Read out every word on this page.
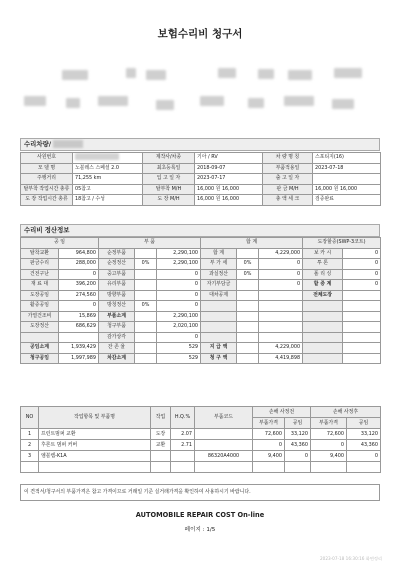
보험수리비 청구서
수리차량/
사원번호		제작사/차종	기아 / RV	차 량 명 칭	스포티지(16)
모 델 명	노블레스 스페셜 2.0	최초등록일	2018-09-07	부품적용일	2023-07-18
주행거리	71,255 km	입 고 일 자	2023-07-17	출 고 일 자	
탈부착 작업시간 총류	05참고	탈부착 M/H	16,000 원 16,000	판 금 M/H	16,000 원 16,000
도 장 작업시간 총류	18참고 / 수성	도 장 M/H	16,000 원 16,000	총 액 세 크	검증완료
수리비 정산정보
공 임		부 품			합 계			도장할증(SWP-3코트)	
탈착교환	964,800	순정부품		2,290,100	합 계		4,229,000	보 카 시	0
판금수리	288,000	순정정산	0%	2,290,100	부 가 세	0%	0	투 톤	0
건전구난	0	중고부품		0	과실정산	0%	0	폴 리 싱	0
재 료 대	396,200	유리부품		0	자기부담금		0	할 증 계	0
도장공임	274,560	방향부품		0	대차공제			전체도장	
활증공임	0	방청정산	0%	0					
가열건조비	15,869	부품소계		2,290,100					
도장정산	686,629	청구부품		2,020,100					
		감가상각		0					
공임소계	1,939,429	잔 존 율		529	지 급 액		4,229,000		
청구공임	1,997,989	차감소계		529	청 구 액		4,419,898		
NO	작업항목 및 부품명	작업	H.Q.%	부품코드	손해 사정전		손해 사정후	
					부품가격	공임	부품가격	공임
1	프런트범퍼 교환	도장	2.07		72,600	33,120	72,600	33,120
2	후론트 범퍼 커버	교환	2.71		0	43,360	0	43,360
3	엠블렘-K1A			86320A4000	9,400	0	9,400	0

이 견적서/청구서의 부품가격은 참고 가격이므로 거래일 기준 실거래가격을 확인하여 사용하시기 바랍니다.
AUTOMOBILE REPAIR COST On-line
페이지 : 1/5
2023-07-18 16:30:16 화면정리
